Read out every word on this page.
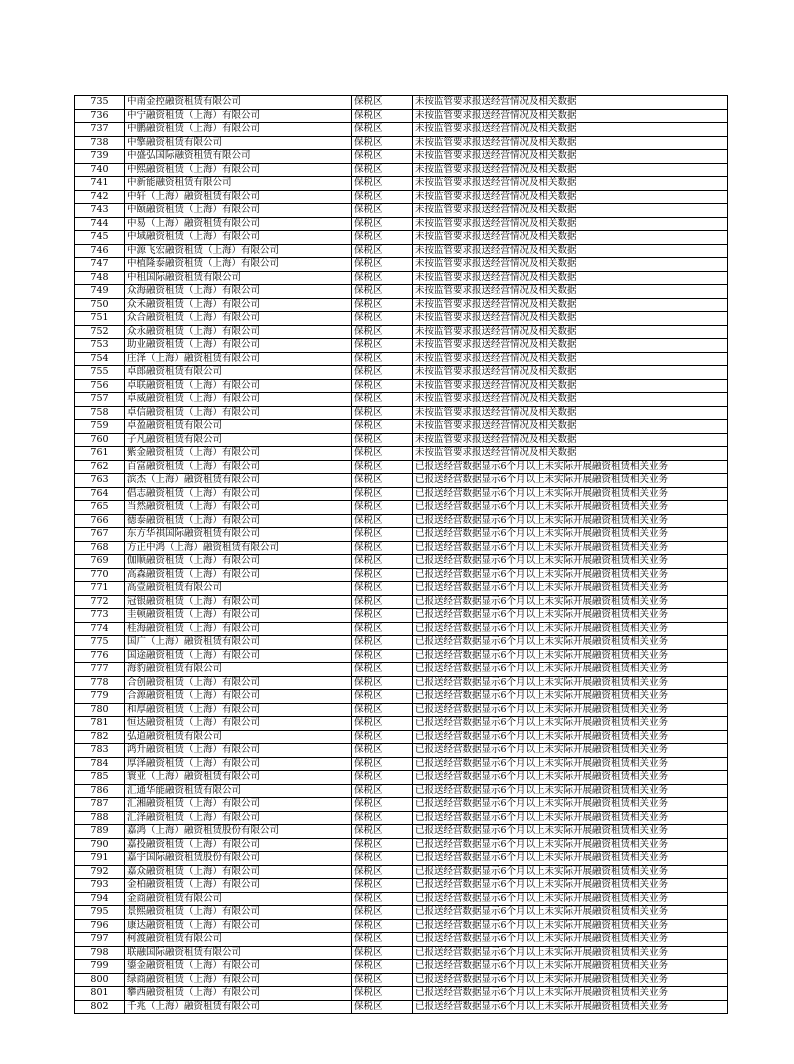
735	中南金控融资租赁有限公司	保税区	未按监管要求报送经营情况及相关数据
736	中宁融资租赁（上海）有限公司	保税区	未按监管要求报送经营情况及相关数据
737	中鹏融资租赁（上海）有限公司	保税区	未按监管要求报送经营情况及相关数据
738	中擎融资租赁有限公司	保税区	未按监管要求报送经营情况及相关数据
739	中盛弘国际融资租赁有限公司	保税区	未按监管要求报送经营情况及相关数据
740	中熙融资租赁（上海）有限公司	保税区	未按监管要求报送经营情况及相关数据
741	中新能融资租赁有限公司	保税区	未按监管要求报送经营情况及相关数据
742	中轩（上海）融资租赁有限公司	保税区	未按监管要求报送经营情况及相关数据
743	中颐融资租赁（上海）有限公司	保税区	未按监管要求报送经营情况及相关数据
744	中易（上海）融资租赁有限公司	保税区	未按监管要求报送经营情况及相关数据
745	中域融资租赁（上海）有限公司	保税区	未按监管要求报送经营情况及相关数据
746	中源飞宏融资租赁（上海）有限公司	保税区	未按监管要求报送经营情况及相关数据
747	中植隆泰融资租赁（上海）有限公司	保税区	未按监管要求报送经营情况及相关数据
748	中租国际融资租赁有限公司	保税区	未按监管要求报送经营情况及相关数据
749	众海融资租赁（上海）有限公司	保税区	未按监管要求报送经营情况及相关数据
750	众禾融资租赁（上海）有限公司	保税区	未按监管要求报送经营情况及相关数据
751	众合融资租赁（上海）有限公司	保税区	未按监管要求报送经营情况及相关数据
752	众永融资租赁（上海）有限公司	保税区	未按监管要求报送经营情况及相关数据
753	助业融资租赁（上海）有限公司	保税区	未按监管要求报送经营情况及相关数据
754	庄泽（上海）融资租赁有限公司	保税区	未按监管要求报送经营情况及相关数据
755	卓郎融资租赁有限公司	保税区	未按监管要求报送经营情况及相关数据
756	卓联融资租赁（上海）有限公司	保税区	未按监管要求报送经营情况及相关数据
757	卓威融资租赁（上海）有限公司	保税区	未按监管要求报送经营情况及相关数据
758	卓信融资租赁（上海）有限公司	保税区	未按监管要求报送经营情况及相关数据
759	卓盈融资租赁有限公司	保税区	未按监管要求报送经营情况及相关数据
760	子凡融资租赁有限公司	保税区	未按监管要求报送经营情况及相关数据
761	紫金融资租赁（上海）有限公司	保税区	未按监管要求报送经营情况及相关数据
762	百富融资租赁（上海）有限公司	保税区	已报送经营数据显示6个月以上未实际开展融资租赁相关业务
763	滨杰（上海）融资租赁有限公司	保税区	已报送经营数据显示6个月以上未实际开展融资租赁相关业务
764	倡志融资租赁（上海）有限公司	保税区	已报送经营数据显示6个月以上未实际开展融资租赁相关业务
765	当然融资租赁（上海）有限公司	保税区	已报送经营数据显示6个月以上未实际开展融资租赁相关业务
766	德泰融资租赁（上海）有限公司	保税区	已报送经营数据显示6个月以上未实际开展融资租赁相关业务
767	东方华祺国际融资租赁有限公司	保税区	已报送经营数据显示6个月以上未实际开展融资租赁相关业务
768	方正中鸿（上海）融资租赁有限公司	保税区	已报送经营数据显示6个月以上未实际开展融资租赁相关业务
769	伽顺融资租赁（上海）有限公司	保税区	已报送经营数据显示6个月以上未实际开展融资租赁相关业务
770	高森融资租赁（上海）有限公司	保税区	已报送经营数据显示6个月以上未实际开展融资租赁相关业务
771	高壹融资租赁有限公司	保税区	已报送经营数据显示6个月以上未实际开展融资租赁相关业务
772	冠银融资租赁（上海）有限公司	保税区	已报送经营数据显示6个月以上未实际开展融资租赁相关业务
773	圭顿融资租赁（上海）有限公司	保税区	已报送经营数据显示6个月以上未实际开展融资租赁相关业务
774	桂海融资租赁（上海）有限公司	保税区	已报送经营数据显示6个月以上未实际开展融资租赁相关业务
775	国广（上海）融资租赁有限公司	保税区	已报送经营数据显示6个月以上未实际开展融资租赁相关业务
776	国途融资租赁（上海）有限公司	保税区	已报送经营数据显示6个月以上未实际开展融资租赁相关业务
777	海豹融资租赁有限公司	保税区	已报送经营数据显示6个月以上未实际开展融资租赁相关业务
778	合创融资租赁（上海）有限公司	保税区	已报送经营数据显示6个月以上未实际开展融资租赁相关业务
779	合源融资租赁（上海）有限公司	保税区	已报送经营数据显示6个月以上未实际开展融资租赁相关业务
780	和厚融资租赁（上海）有限公司	保税区	已报送经营数据显示6个月以上未实际开展融资租赁相关业务
781	恒达融资租赁（上海）有限公司	保税区	已报送经营数据显示6个月以上未实际开展融资租赁相关业务
782	弘道融资租赁有限公司	保税区	已报送经营数据显示6个月以上未实际开展融资租赁相关业务
783	鸿升融资租赁（上海）有限公司	保税区	已报送经营数据显示6个月以上未实际开展融资租赁相关业务
784	厚泽融资租赁（上海）有限公司	保税区	已报送经营数据显示6个月以上未实际开展融资租赁相关业务
785	寰亚（上海）融资租赁有限公司	保税区	已报送经营数据显示6个月以上未实际开展融资租赁相关业务
786	汇通华能融资租赁有限公司	保税区	已报送经营数据显示6个月以上未实际开展融资租赁相关业务
787	汇湘融资租赁（上海）有限公司	保税区	已报送经营数据显示6个月以上未实际开展融资租赁相关业务
788	汇泽融资租赁（上海）有限公司	保税区	已报送经营数据显示6个月以上未实际开展融资租赁相关业务
789	嘉鸿（上海）融资租赁股份有限公司	保税区	已报送经营数据显示6个月以上未实际开展融资租赁相关业务
790	嘉投融资租赁（上海）有限公司	保税区	已报送经营数据显示6个月以上未实际开展融资租赁相关业务
791	嘉宇国际融资租赁股份有限公司	保税区	已报送经营数据显示6个月以上未实际开展融资租赁相关业务
792	嘉众融资租赁（上海）有限公司	保税区	已报送经营数据显示6个月以上未实际开展融资租赁相关业务
793	金柏融资租赁（上海）有限公司	保税区	已报送经营数据显示6个月以上未实际开展融资租赁相关业务
794	金商融资租赁有限公司	保税区	已报送经营数据显示6个月以上未实际开展融资租赁相关业务
795	景熙融资租赁（上海）有限公司	保税区	已报送经营数据显示6个月以上未实际开展融资租赁相关业务
796	康达融资租赁（上海）有限公司	保税区	已报送经营数据显示6个月以上未实际开展融资租赁相关业务
797	柯渡融资租赁有限公司	保税区	已报送经营数据显示6个月以上未实际开展融资租赁相关业务
798	联融国际融资租赁有限公司	保税区	已报送经营数据显示6个月以上未实际开展融资租赁相关业务
799	鎏金融资租赁（上海）有限公司	保税区	已报送经营数据显示6个月以上未实际开展融资租赁相关业务
800	绿商融资租赁（上海）有限公司	保税区	已报送经营数据显示6个月以上未实际开展融资租赁相关业务
801	攀西融资租赁（上海）有限公司	保税区	已报送经营数据显示6个月以上未实际开展融资租赁相关业务
802	千兆（上海）融资租赁有限公司	保税区	已报送经营数据显示6个月以上未实际开展融资租赁相关业务
